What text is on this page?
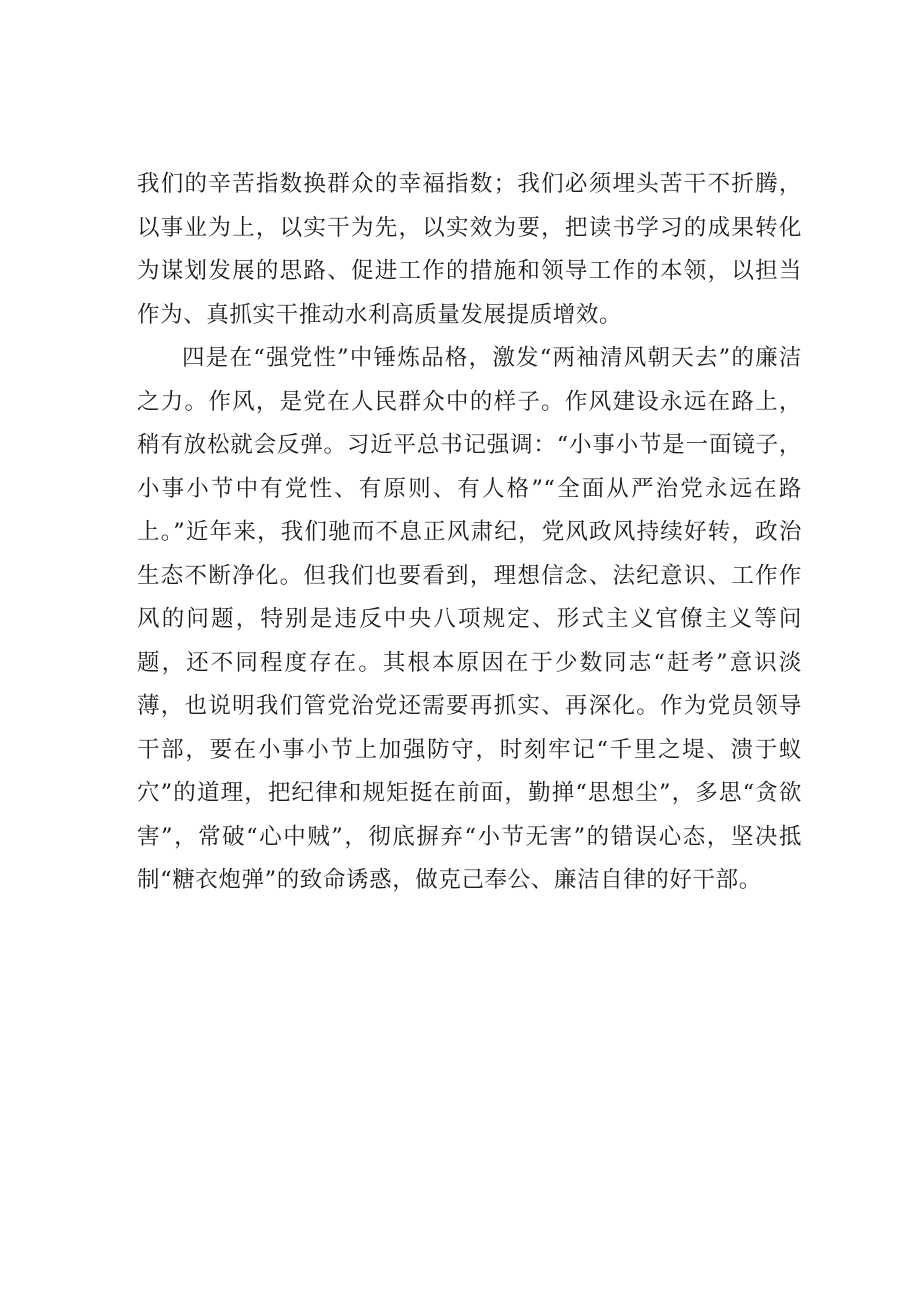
我们的辛苦指数换群众的幸福指数；我们必须埋头苦干不折腾，以事业为上，以实干为先，以实效为要，把读书学习的成果转化为谋划发展的思路、促进工作的措施和领导工作的本领，以担当作为、真抓实干推动水利高质量发展提质增效。

四是在“强党性”中锤炼品格，激发“两袖清风朝天去”的廉洁之力。作风，是党在人民群众中的样子。作风建设永远在路上，稍有放松就会反弹。习近平总书记强调：“小事小节是一面镜子，小事小节中有党性、有原则、有人格”“全面从严治党永远在路上。”近年来，我们驰而不息正风肃纪，党风政风持续好转，政治生态不断净化。但我们也要看到，理想信念、法纪意识、工作作风的问题，特别是违反中央八项规定、形式主义官僚主义等问题，还不同程度存在。其根本原因在于少数同志“赶考”意识淡薄，也说明我们管党治党还需要再抓实、再深化。作为党员领导干部，要在小事小节上加强防守，时刻牢记“千里之堤、溃于蚁穴”的道理，把纪律和规矩挺在前面，勤掸“思想尘”，多思“贪欲害”，常破“心中贼”，彻底摒弃“小节无害”的错误心态，坚决抵制“糖衣炮弹”的致命诱惑，做克己奉公、廉洁自律的好干部。
